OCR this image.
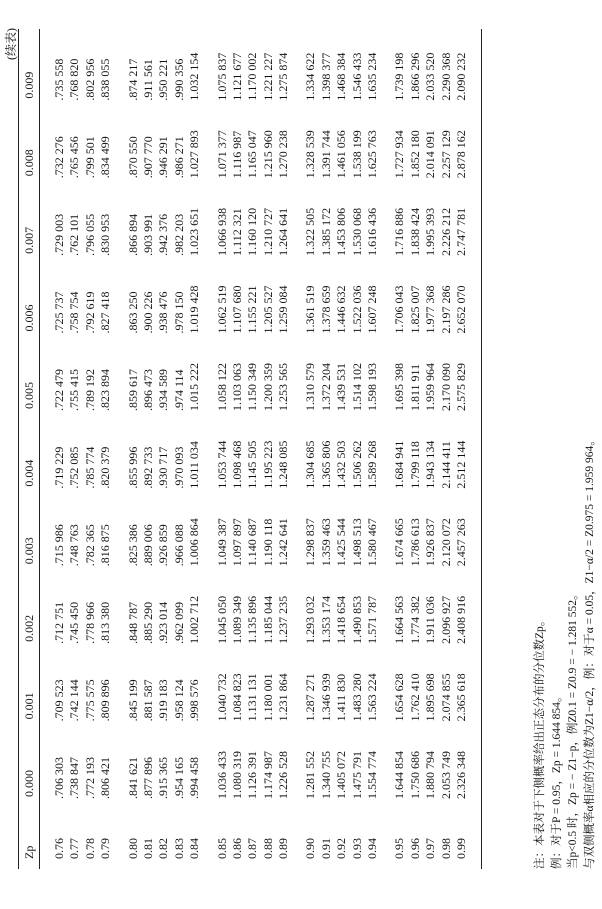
(续表)
Zp
0.000
0.001
0.002
0.003
0.004
0.005
0.006
0.007
0.008
0.009
0.76
.706 303
.709 523
.712 751
.715 986
.719 229
.722 479
.725 737
.729 003
.732 276
.735 558
0.77
.738 847
.742 144
.745 450
.748 763
.752 085
.755 415
.758 754
.762 101
.765 456
.768 820
0.78
.772 193
.775 575
.778 966
.782 365
.785 774
.789 192
.792 619
.796 055
.799 501
.802 956
0.79
.806 421
.809 896
.813 380
.816 875
.820 379
.823 894
.827 418
.830 953
.834 499
.838 055
0.80
.841 621
.845 199
.848 787
.825 386
.855 996
.859 617
.863 250
.866 894
.870 550
.874 217
0.81
.877 896
.881 587
.885 290
.889 006
.892 733
.896 473
.900 226
.903 991
.907 770
.911 561
0.82
.915 365
.919 183
.923 014
.926 859
.930 717
.934 589
.938 476
.942 376
.946 291
.950 221
0.83
.954 165
.958 124
.962 099
.966 088
.970 093
.974 114
.978 150
.982 203
.986 271
.990 356
0.84
.994 458
.998 576
1.002 712
1.006 864
1.011 034
1.015 222
1.019 428
1.023 651
1.027 893
1.032 154
0.85
1.036 433
1.040 732
1.045 050
1.049 387
1.053 744
1.058 122
1.062 519
1.066 938
1.071 377
1.075 837
0.86
1.080 319
1.084 823
1.089 349
1.097 897
1.098 468
1.103 063
1.107 680
1.112 321
1.116 987
1.121 677
0.87
1.126 391
1.131 131
1.135 896
1.140 687
1.145 505
1.150 349
1.155 221
1.160 120
1.165 047
1.170 002
0.88
1.174 987
1.180 001
1.185 044
1.190 118
1.195 223
1.200 359
1.205 527
1.210 727
1.215 960
1.221 227
0.89
1.226 528
1.231 864
1.237 235
1.242 641
1.248 085
1.253 565
1.259 084
1.264 641
1.270 238
1.275 874
0.90
1.281 552
1.287 271
1.293 032
1.298 837
1.304 685
1.310 579
1.361 519
1.322 505
1.328 539
1.334 622
0.91
1.340 755
1.346 939
1.353 174
1.359 463
1.365 806
1.372 204
1.378 659
1.385 172
1.391 744
1.398 377
0.92
1.405 072
1.411 830
1.418 654
1.425 544
1.432 503
1.439 531
1.446 632
1.453 806
1.461 056
1.468 384
0.93
1.475 791
1.483 280
1.490 853
1.498 513
1.506 262
1.514 102
1.522 036
1.530 068
1.538 199
1.546 433
0.94
1.554 774
1.563 224
1.571 787
1.580 467
1.589 268
1.598 193
1.607 248
1.616 436
1.625 763
1.635 234
0.95
1.644 854
1.654 628
1.664 563
1.674 665
1.684 941
1.695 398
1.706 043
1.716 886
1.727 934
1.739 198
0.96
1.750 686
1.762 410
1.774 382
1.786 613
1.799 118
1.811 911
1.825 007
1.838 424
1.852 180
1.866 296
0.97
1.880 794
1.895 698
1.911 036
1.926 837
1.943 134
1.959 964
1.977 368
1.995 393
2.014 091
2.033 520
0.98
2.053 749
2.074 855
2.096 927
2.120 072
2.144 411
2.170 090
2.197 286
2.226 212
2.257 129
2.290 368
0.99
2.326 348
2.365 618
2.408 916
2.457 263
2.512 144
2.575 829
2.652 070
2.747 781
2.878 162
2.090 232
注：本表对于下侧概率给出正态分布的分位数Zp。 例：对于P = 0.95，Zp = 1.644 854。 当p<0.5 时，Zp = − Z1−p，例Z0.1 = Z0.9 = − 1.281 552。 与双侧概率α相应的分位数为Z1−α/2，例：对于α = 0.05，Z1−α/2 = Z0.975 = 1.959 964。
